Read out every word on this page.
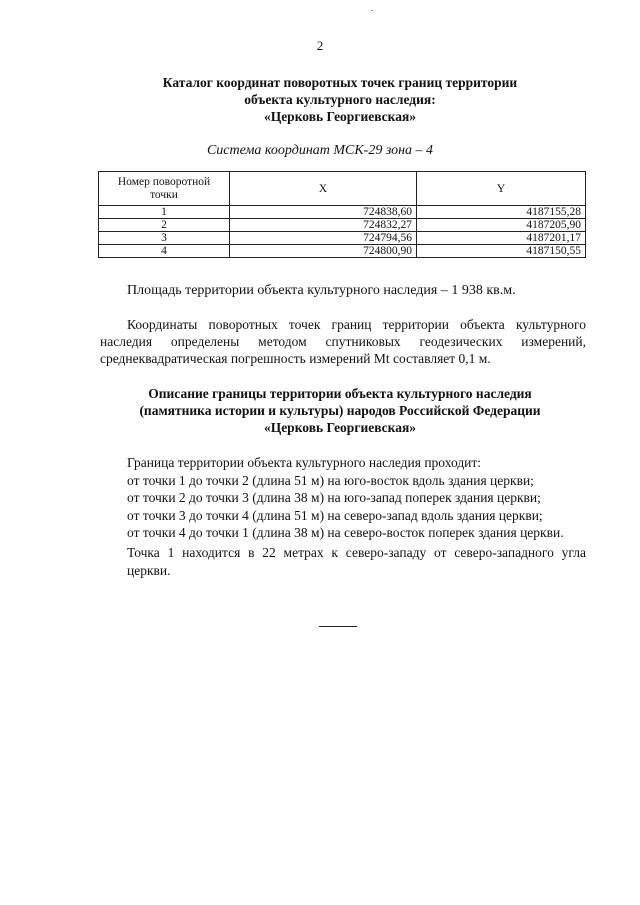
2
Каталог координат поворотных точек границ территории
объекта культурного наследия:
«Церковь Георгиевская»
Система координат МСК-29 зона – 4
Номер поворотной точки	X	Y
1	724838,60	4187155,28
2	724832,27	4187205,90
3	724794,56	4187201,17
4	724800,90	4187150,55
Площадь территории объекта культурного наследия – 1 938 кв.м.
Координаты поворотных точек границ территории объекта культурного наследия определены методом спутниковых геодезических измерений, среднеквадратическая погрешность измерений Mt составляет 0,1 м.
Описание границы территории объекта культурного наследия
(памятника истории и культуры) народов Российской Федерации
«Церковь Георгиевская»
Граница территории объекта культурного наследия проходит:
от точки 1 до точки 2 (длина 51 м) на юго-восток вдоль здания церкви;
от точки 2 до точки 3 (длина 38 м) на юго-запад поперек здания церкви;
от точки 3 до точки 4 (длина 51 м) на северо-запад вдоль здания церкви;
от точки 4 до точки 1 (длина 38 м) на северо-восток поперек здания церкви.
Точка 1 находится в 22 метрах к северо-западу от северо-западного угла церкви.
